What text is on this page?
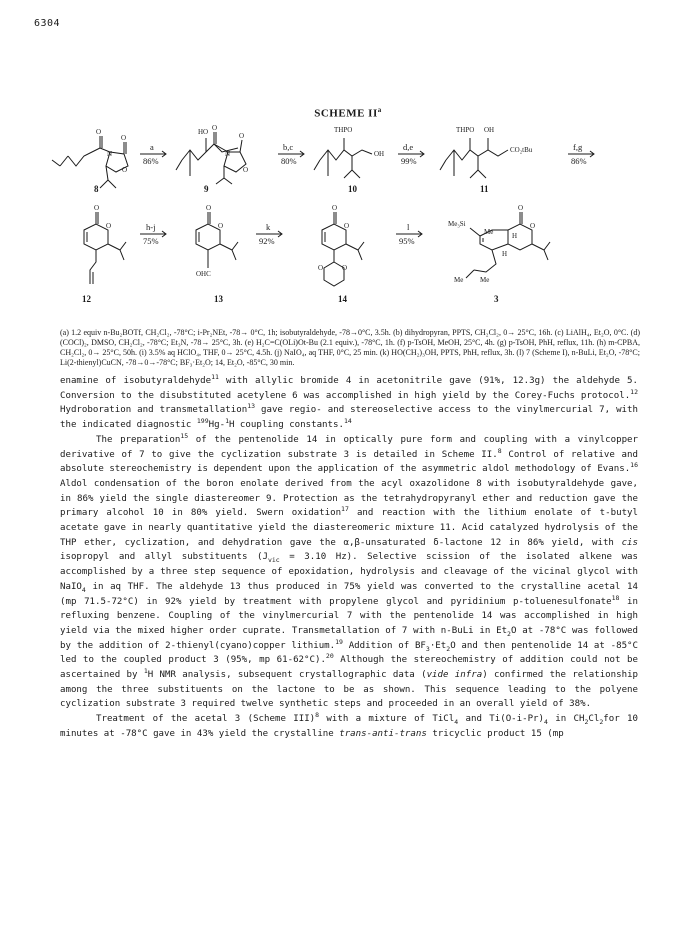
6304
SCHEME $II^a$
O
O
N
O
8
a
86%
HO O
O
N
O
9
b,c
80%
THPO
OH
10
d,e
99%
THPO OH
CO₂tBu
11
f,g
86%
O
O
12
h-j
75%
O
O
OHC
13
k
92%
O
O
O
O
14
l
95%
Me₃Si
Me	H
H
O
O
Me Me
3
(a) 1.2 equiv n-Bu₂BOTf, CH₂Cl₂, -78°C; i-Pr₂NEt, -78→ 0°C, 1h; isobutyraldehyde, -78→0°C, 3.5h. (b) dihydropyran, PPTS, CH₂Cl₂, 0→ 25°C, 16h. (c) LiAlH₄, Et₂O, 0°C. (d) (COCl)₂, DMSO, CH₂Cl₂, -78°C; Et₃N, -78→ 25°C, 3h. (e) H₂C=C(OLi)Ot-Bu (2.1 equiv.), -78°C, 1h. (f) p-TsOH, MeOH, 25°C, 4h. (g) p-TsOH, PhH, reflux, 11h. (h) m-CPBA, CH₂Cl₂, 0→ 25°C, 50h. (i) 3.5% aq HClO₄, THF, 0→ 25°C, 4.5h. (j) NaIO₄, aq THF, 0°C, 25 min. (k) HO(CH₂)₃OH, PPTS, PhH, reflux, 3h. (l) 7 (Scheme I), n-BuLi, Et₂O, -78°C; Li(2-thienyl)CuCN, -78→0→-78°C; BF₃·Et₂O; 14, Et₂O, -85°C, 30 min.

enamine of isobutyraldehyde$^{11}$ with allylic bromide 4 in acetonitrile gave (91%, 12.3g) the aldehyde 5. Conversion to the disubstituted acetylene 6 was accomplished in high yield by the Corey-Fuchs protocol.$^{12}$ Hydroboration and transmetallation$^{13}$ gave regio- and stereoselective access to the vinylmercurial 7, with the indicated diagnostic $^{199}$Hg-$^1$H coupling constants.$^{14}$

The preparation$^{15}$ of the pentenolide 14 in optically pure form and coupling with a vinylcopper derivative of 7 to give the cyclization substrate 3 is detailed in Scheme II.$^8$ Control of relative and absolute stereochemistry is dependent upon the application of the asymmetric aldol methodology of Evans.$^{16}$ Aldol condensation of the boron enolate derived from the acyl oxazolidone 8 with isobutyraldehyde gave, in 86% yield the single diastereomer 9. Protection as the tetrahydropyranyl ether and reduction gave the primary alcohol 10 in 80% yield. Swern oxidation$^{17}$ and reaction with the lithium enolate of t-butyl acetate gave in nearly quantitative yield the diastereomeric mixture 11. Acid catalyzed hydrolysis of the THP ether, cyclization, and dehydration gave the α,β-unsaturated δ-lactone 12 in 86% yield, with cis isopropyl and allyl substituents ($J_{vic} = 3.10$ Hz). Selective scission of the isolated alkene was accomplished by a three step sequence of epoxidation, hydrolysis and cleavage of the vicinal glycol with NaIO$_4$ in aq THF. The aldehyde 13 thus produced in 75% yield was converted to the crystalline acetal 14 (mp 71.5-72°C) in 92% yield by treatment with propylene glycol and pyridinium p-toluenesulfonate$^{18}$ in refluxing benzene. Coupling of the vinylmercurial 7 with the pentenolide 14 was accomplished in high yield via the mixed higher order cuprate. Transmetallation of 7 with n-BuLi in $Et_2O$ at -78°C was followed by the addition of 2-thienyl(cyano)copper lithium.$^{19}$ Addition of $BF_3\cdot Et_2O$ and then pentenolide 14 at -85°C led to the coupled product 3 (95%, mp 61-62°C).$^{20}$ Although the stereochemistry of addition could not be ascertained by $^1$H NMR analysis, subsequent crystallographic data (vide infra) confirmed the relationship among the three substituents on the lactone to be as shown. This sequence leading to the polyene cyclization substrate 3 required twelve synthetic steps and proceeded in an overall yield of 38%.

Treatment of the acetal 3 (Scheme III)$^8$ with a mixture of TiCl$_4$ and $Ti(O-i-Pr)_4$ in $CH_2Cl_2for$ 10 minutes at -78°C gave in 43% yield the crystalline trans-anti-trans tricyclic product 15 (mp
